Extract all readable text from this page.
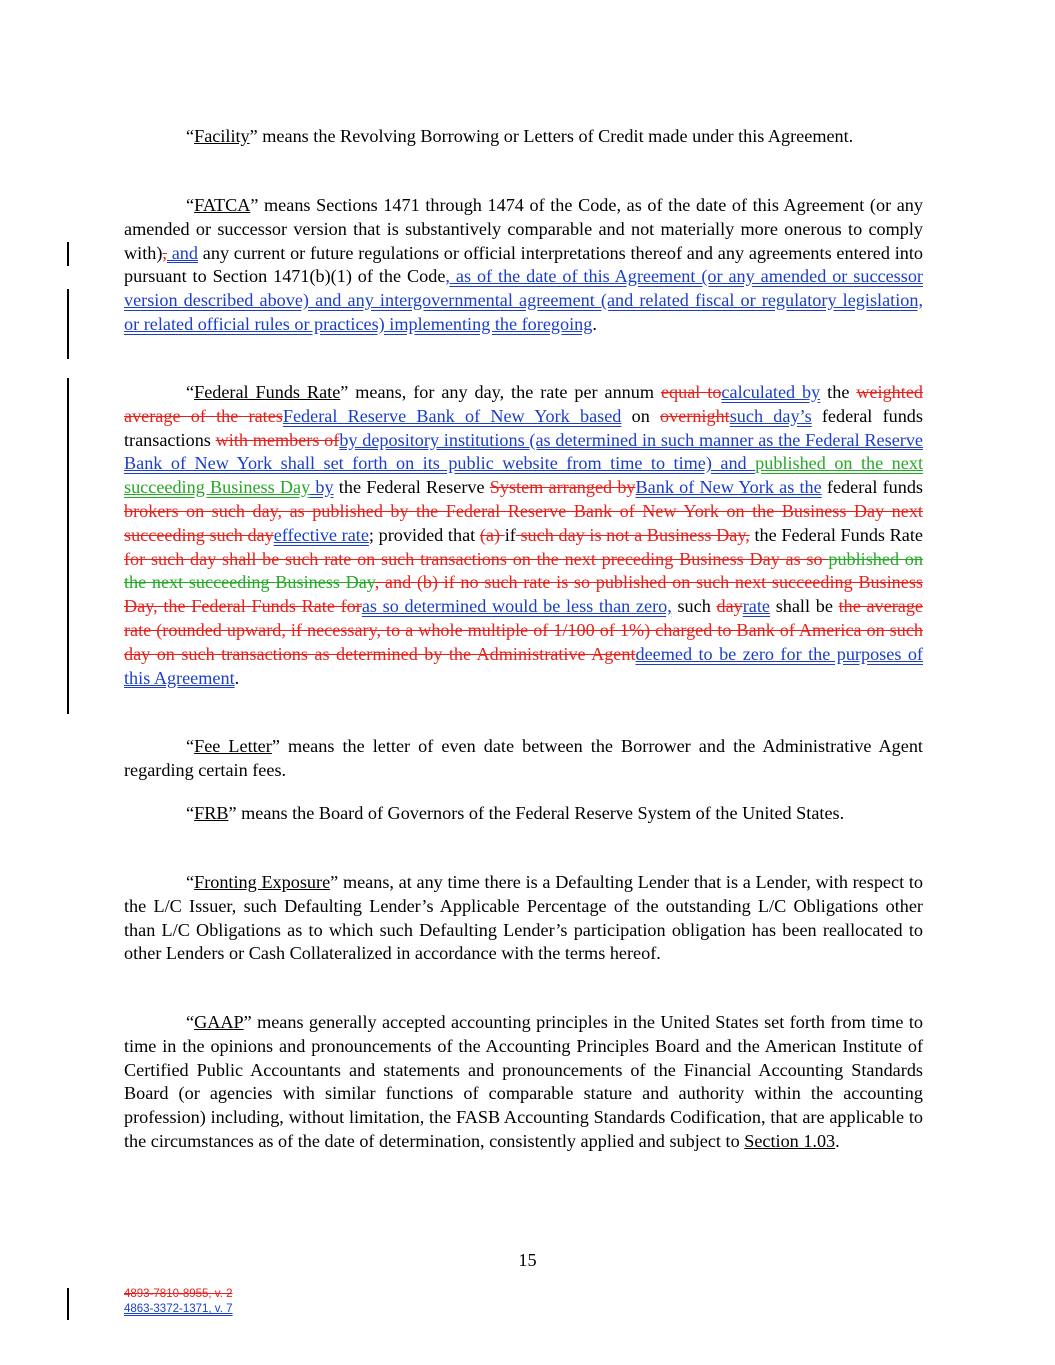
“Facility” means the Revolving Borrowing or Letters of Credit made under this Agreement.

“FATCA” means Sections 1471 through 1474 of the Code, as of the date of this Agreement (or any amended or successor version that is substantively comparable and not materially more onerous to comply with), and any current or future regulations or official interpretations thereof and any agreements entered into pursuant to Section 1471(b)(1) of the Code, as of the date of this Agreement (or any amended or successor version described above) and any intergovernmental agreement (and related fiscal or regulatory legislation, or related official rules or practices) implementing the foregoing.

“Federal Funds Rate” means, for any day, the rate per annum equal tocalculated by the weighted average of the ratesFederal Reserve Bank of New York based on overnightsuch day’s federal funds transactions with members ofby depository institutions (as determined in such manner as the Federal Reserve Bank of New York shall set forth on its public website from time to time) and published on the next succeeding Business Day by the Federal Reserve System arranged byBank of New York as the federal funds brokers on such day, as published by the Federal Reserve Bank of New York on the Business Day next succeeding such dayeffective rate; provided that (a) if such day is not a Business Day, the Federal Funds Rate for such day shall be such rate on such transactions on the next preceding Business Day as so published on the next succeeding Business Day, and (b) if no such rate is so published on such next succeeding Business Day, the Federal Funds Rate foras so determined would be less than zero, such dayrate shall be the average rate (rounded upward, if necessary, to a whole multiple of 1/100 of 1%) charged to Bank of America on such day on such transactions as determined by the Administrative Agentdeemed to be zero for the purposes of this Agreement.

“Fee Letter” means the letter of even date between the Borrower and the Administrative Agent regarding certain fees.

“FRB” means the Board of Governors of the Federal Reserve System of the United States.

“Fronting Exposure” means, at any time there is a Defaulting Lender that is a Lender, with respect to the L/C Issuer, such Defaulting Lender’s Applicable Percentage of the outstanding L/C Obligations other than L/C Obligations as to which such Defaulting Lender’s participation obligation has been reallocated to other Lenders or Cash Collateralized in accordance with the terms hereof.

“GAAP” means generally accepted accounting principles in the United States set forth from time to time in the opinions and pronouncements of the Accounting Principles Board and the American Institute of Certified Public Accountants and statements and pronouncements of the Financial Accounting Standards Board (or agencies with similar functions of comparable stature and authority within the accounting profession) including, without limitation, the FASB Accounting Standards Codification, that are applicable to the circumstances as of the date of determination, consistently applied and subject to Section 1.03.

15
4893-7810-8955, v. 2
4863-3372-1371, v. 7
